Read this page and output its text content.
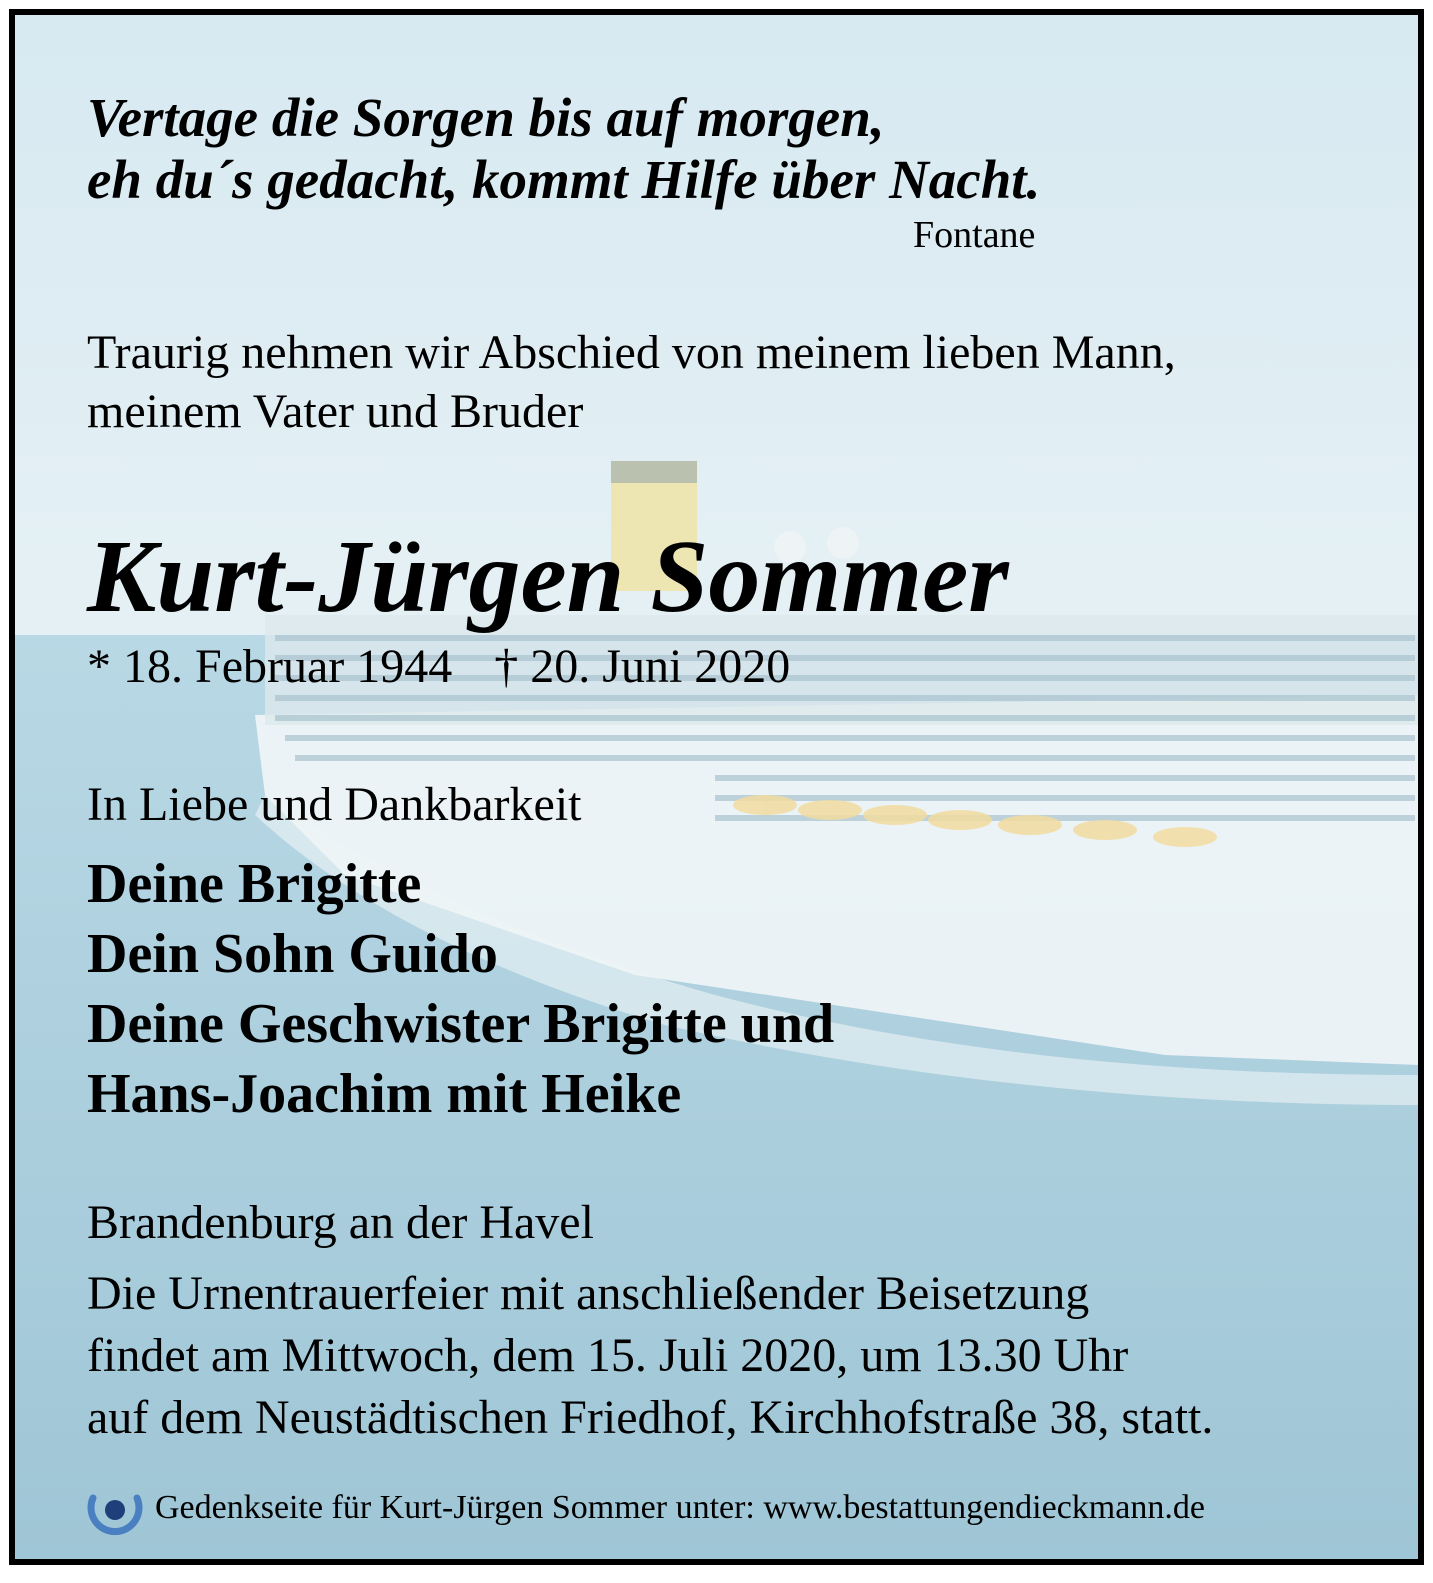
Vertage die Sorgen bis auf morgen,

eh du´s gedacht, kommt Hilfe über Nacht.

Fontane

Traurig nehmen wir Abschied von meinem lieben Mann,

meinem Vater und Bruder

Kurt-Jürgen Sommer

* 18. Februar 1944 † 20. Juni 2020

In Liebe und Dankbarkeit

Deine Brigitte

Dein Sohn Guido

Deine Geschwister Brigitte und

Hans-Joachim mit Heike

Brandenburg an der Havel

Die Urnentrauerfeier mit anschließender Beisetzung

findet am Mittwoch, dem 15. Juli 2020, um 13.30 Uhr

auf dem Neustädtischen Friedhof, Kirchhofstraße 38, statt.

Gedenkseite für Kurt-Jürgen Sommer unter: www.bestattungendieckmann.de
